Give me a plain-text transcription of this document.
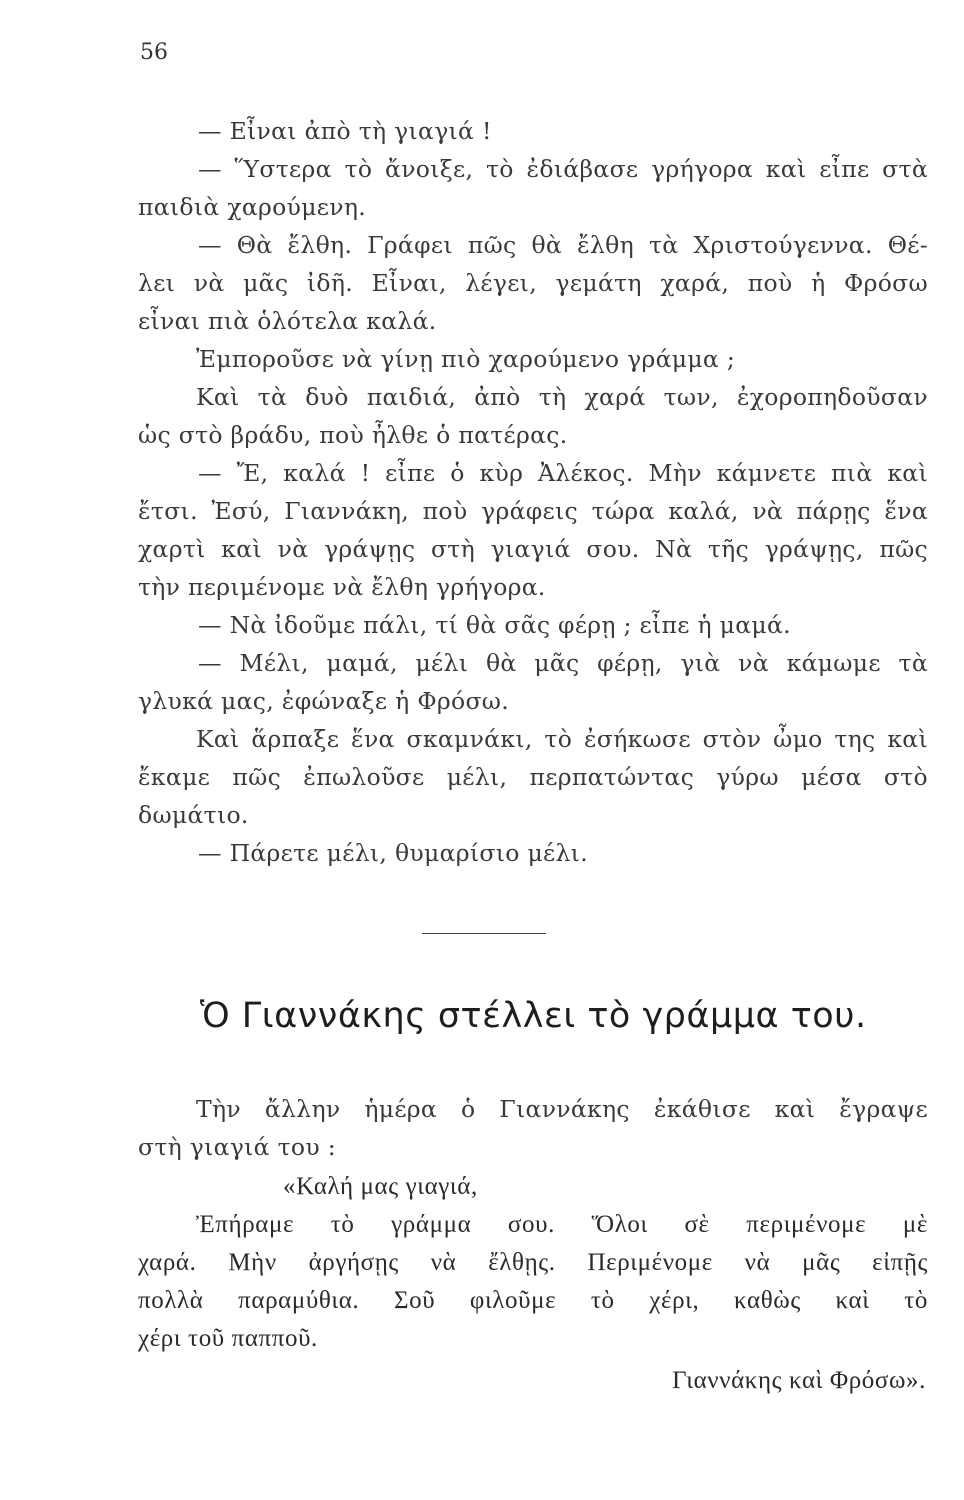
56
— Εἶναι ἀπὸ τὴ γιαγιά !
— Ὕστερα τὸ ἄνοιξε, τὸ ἐδιάβασε γρήγορα καὶ εἶπε στὰ
παιδιὰ χαρούμενη.
— Θὰ ἔλθη. Γράφει πῶς θὰ ἔλθη τὰ Χριστούγεννα. Θέ-
λει νὰ μᾶς ἰδῆ. Εἶναι, λέγει, γεμάτη χαρά, ποὺ ἡ Φρόσω
εἶναι πιὰ ὁλότελα καλά.
Ἐμποροῦσε νὰ γίνῃ πιὸ χαρούμενο γράμμα ;
Καὶ τὰ δυὸ παιδιά, ἀπὸ τὴ χαρά των, ἐχοροπηδοῦσαν
ὡς στὸ βράδυ, ποὺ ἦλθε ὁ πατέρας.
— Ἔ, καλά ! εἶπε ὁ κὺρ Ἀλέκος. Μὴν κάμνετε πιὰ καὶ
ἔτσι. Ἐσύ, Γιαννάκη, ποὺ γράφεις τώρα καλά, νὰ πάρῃς ἕνα
χαρτὶ καὶ νὰ γράψῃς στὴ γιαγιά σου. Νὰ τῆς γράψῃς, πῶς
τὴν περιμένομε νὰ ἔλθη γρήγορα.
— Νὰ ἰδοῦμε πάλι, τί θὰ σᾶς φέρῃ ; εἶπε ἡ μαμά.
— Μέλι, μαμά, μέλι θὰ μᾶς φέρῃ, γιὰ νὰ κάμωμε τὰ
γλυκά μας, ἐφώναξε ἡ Φρόσω.
Καὶ ἅρπαξε ἕνα σκαμνάκι, τὸ ἐσήκωσε στὸν ὦμο της καὶ
ἔκαμε πῶς ἐπωλοῦσε μέλι, περπατώντας γύρω μέσα στὸ
δωμάτιο.
— Πάρετε μέλι, θυμαρίσιο μέλι.
Ὁ Γιαννάκης στέλλει τὸ γράμμα του.
Τὴν ἄλλην ἡμέρα ὁ Γιαννάκης ἐκάθισε καὶ ἔγραψε
στὴ γιαγιά του :
«Καλή μας γιαγιά,
Ἐπήραμε τὸ γράμμα σου. Ὅλοι σὲ περιμένομε μὲ
χαρά. Μὴν ἀργήσῃς νὰ ἔλθῃς. Περιμένομε νὰ μᾶς εἰπῇς
πολλὰ παραμύθια. Σοῦ φιλοῦμε τὸ χέρι, καθὼς καὶ τὸ
χέρι τοῦ παπποῦ.
Γιαννάκης καὶ Φρόσω».
